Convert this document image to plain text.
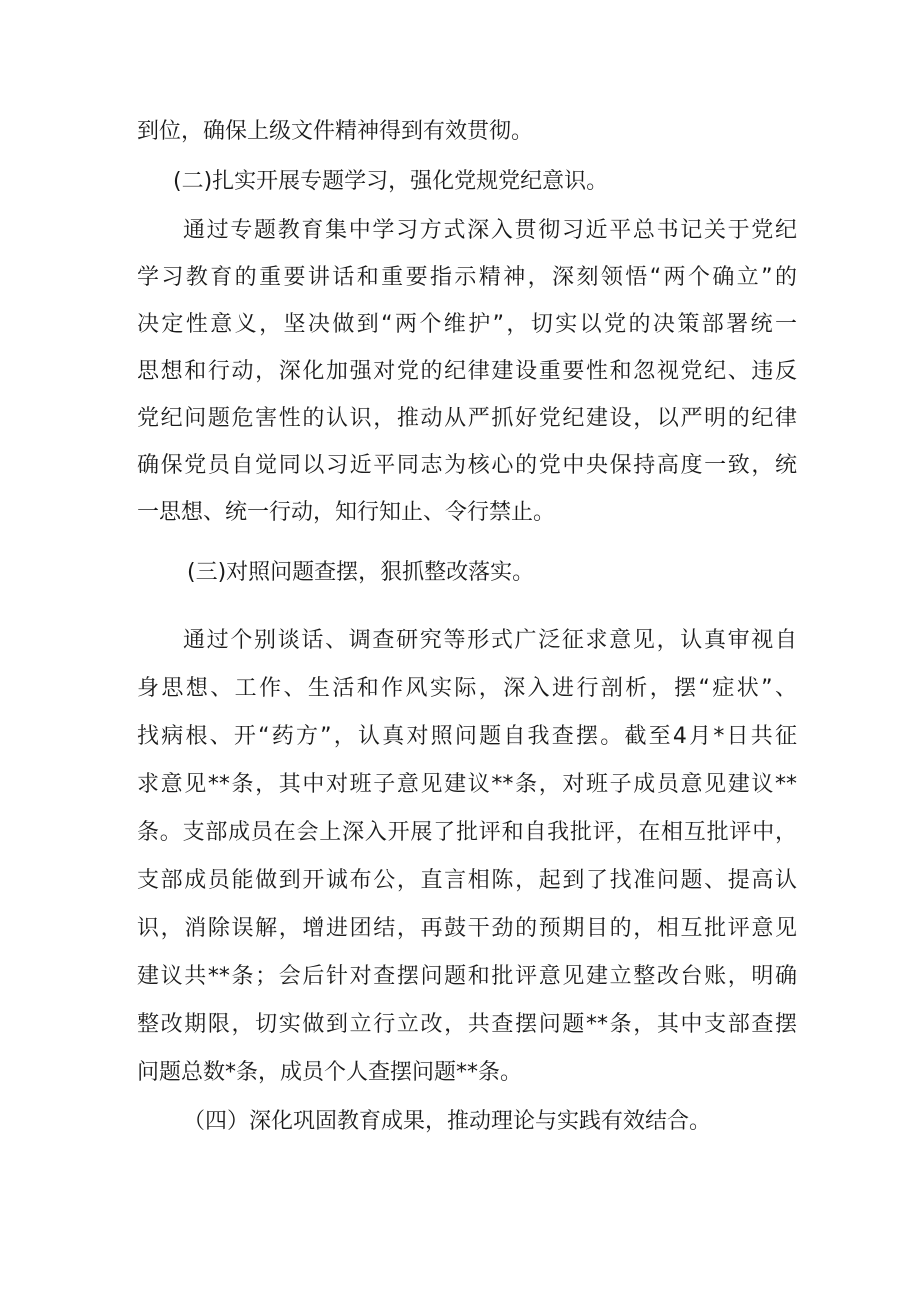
到位，确保上级文件精神得到有效贯彻。
(二)扎实开展专题学习，强化党规党纪意识。
通过专题教育集中学习方式深入贯彻习近平总书记关于党纪
学习教育的重要讲话和重要指示精神，深刻领悟“两个确立”的
决定性意义，坚决做到“两个维护”，切实以党的决策部署统一
思想和行动，深化加强对党的纪律建设重要性和忽视党纪、违反
党纪问题危害性的认识，推动从严抓好党纪建设，以严明的纪律
确保党员自觉同以习近平同志为核心的党中央保持高度一致，统
一思想、统一行动，知行知止、令行禁止。
(三)对照问题查摆，狠抓整改落实。
通过个别谈话、调查研究等形式广泛征求意见，认真审视自
身思想、工作、生活和作风实际，深入进行剖析，摆“症状”、
找病根、开“药方”，认真对照问题自我查摆。截至4月*日共征
求意见**条，其中对班子意见建议**条，对班子成员意见建议**
条。支部成员在会上深入开展了批评和自我批评，在相互批评中，
支部成员能做到开诚布公，直言相陈，起到了找准问题、提高认
识，消除误解，增进团结，再鼓干劲的预期目的，相互批评意见
建议共**条；会后针对查摆问题和批评意见建立整改台账，明确
整改期限，切实做到立行立改，共查摆问题**条，其中支部查摆
问题总数*条，成员个人查摆问题**条。
（四）深化巩固教育成果，推动理论与实践有效结合。
